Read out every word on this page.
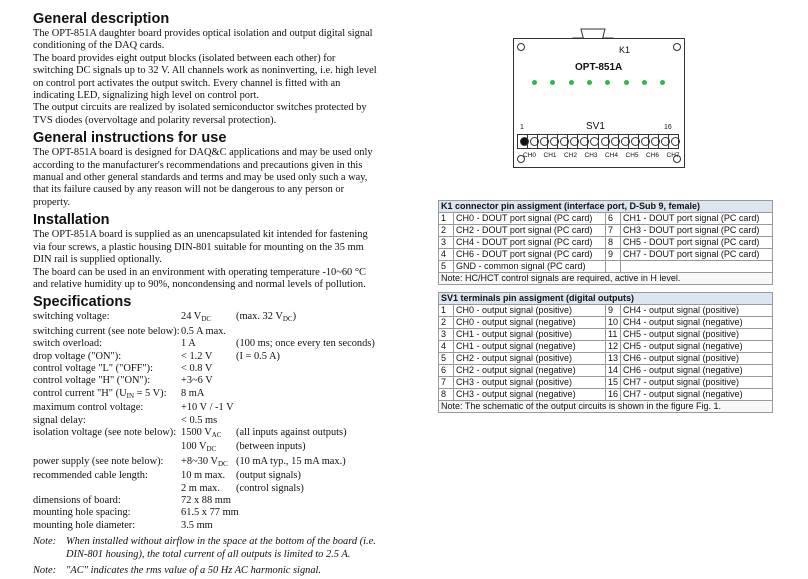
General description

The OPT-851A daughter board provides optical isolation and output digital signal conditioning of the DAQ cards.

The board provides eight output blocks (isolated between each other) for switching DC signals up to 32 V. All channels work as noninverting, i.e. high level on control port activates the output switch. Every channel is fitted with an indicating LED, signalizing high level on control port.

The output circuits are realized by isolated semiconductor switches protected by TVS diodes (overvoltage and polarity reversal protection).

General instructions for use

The OPT-851A board is designed for DAQ&C applications and may be used only according to the manufacturer's recommendations and precautions given in this manual and other general standards and terms and may be used only such a way, that its failure caused by any reason will not be dangerous to any person or property.

Installation

The OPT-851A board is supplied as an unencapsulated kit intended for fastening via four screws, a plastic housing DIN-801 suitable for mounting on the 35 mm DIN rail is supplied optionally.

The board can be used in an environment with operating temperature -10~60 °C and relative humidity up to 90%, noncondensing and normal levels of pollution.

Specifications
switching voltage:	24 $V_{DC}$	(max. 32 $V_{DC}$)
switching current (see note below): 0.5 A max.
switch overload:	1 A	(100 ms; once every ten seconds)
drop voltage ("ON"):	< 1.2 V	(I = 0.5 A)
control voltage "L" ("OFF"):	< 0.8 V
control voltage "H" ("ON"):	+3~6 V
control current "H" ($U_{IN} = 5$ V):	8 mA
maximum control voltage:	+10 V / -1 V
signal delay:	< 0.5 ms
isolation voltage (see note below): 1500 $V_{AC}$	(all inputs against outputs)
100 $V_{DC}$	(between inputs)
power supply (see note below):	+8~30 $V_{DC}$ (10 mA typ., 15 mA max.)
recommended cable length:	10 m max.	(output signals)
2 m max.	(control signals)
dimensions of board:	72 x 88 mm
mounting hole spacing:	61.5 x 77 mm
mounting hole diameter:	3.5 mm
Note: When installed without airflow in the space at the bottom of the board (i.e. DIN-801 housing), the total current of all outputs is limited to 2.5 A.
Note: "AC" indicates the rms value of a 50 Hz AC harmonic signal.
K1
OPT-851A
SV1
1	16
CH0	CH1	CH2	CH3	CH4	CH5	CH6	CH7
K1 connector pin assigment (interface port, D-Sub 9, female)			
1	CH0 - DOUT port signal (PC card)	6	CH1 - DOUT port signal (PC card)
2	CH2 - DOUT port signal (PC card)	7	CH3 - DOUT port signal (PC card)
3	CH4 - DOUT port signal (PC card)	8	CH5 - DOUT port signal (PC card)
4	CH6 - DOUT port signal (PC card)	9	CH7 - DOUT port signal (PC card)
5	GND - common signal (PC card)		
Note: HC/HCT control signals are required, active in H level.			
SV1 terminals pin assigment (digital outputs)			
1	CH0 - output signal (positive)	9	CH4 - output signal (positive)
2	CH0 - output signal (negative)	10	CH4 - output signal (negative)
3	CH1 - output signal (positive)	11	CH5 - output signal (positive)
4	CH1 - output signal (negative)	12	CH5 - output signal (negative)
5	CH2 - output signal (positive)	13	CH6 - output signal (positive)
6	CH2 - output signal (negative)	14	CH6 - output signal (negative)
7	CH3 - output signal (positive)	15	CH7 - output signal (positive)
8	CH3 - output signal (negative)	16	CH7 - output signal (negative)
Note: The schematic of the output circuits is shown in the figure Fig. 1.			
